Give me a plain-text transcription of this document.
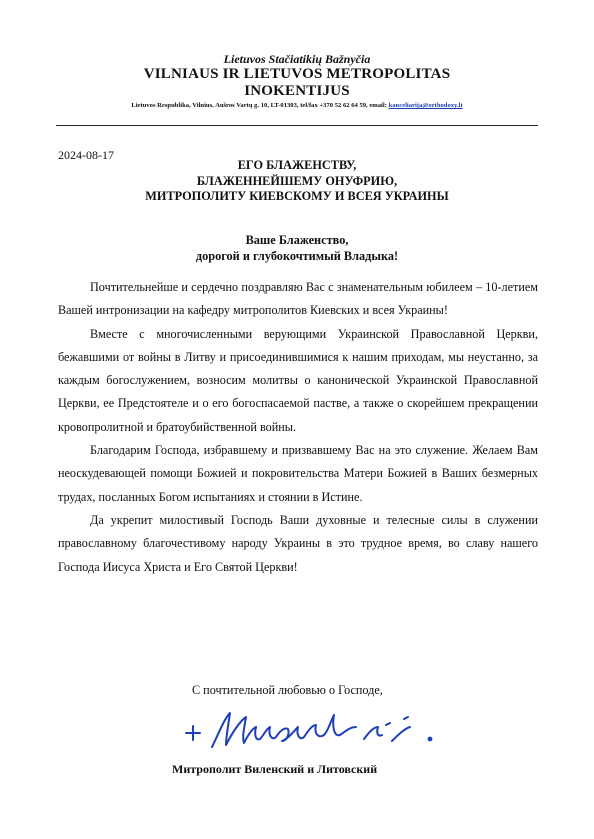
Lietuvos Stačiatikių Bažnyčia
VILNIAUS IR LIETUVOS METROPOLITAS
INOKENTIJUS
Lietuvos Respublika, Vilnius, Aušros Vartų g. 10, LT-01303, tel/fax +370 52 62 64 59, email: kanceliarija@orthodoxy.lt
2024-08-17
ЕГО БЛАЖЕНСТВУ,
БЛАЖЕННЕЙШЕМУ ОНУФРИЮ,
МИТРОПОЛИТУ КИЕВСКОМУ И ВСЕЯ УКРАИНЫ
Ваше Блаженство,
дорогой и глубокочтимый Владыка!

Почтительнейше и сердечно поздравляю Вас с знаменательным юбилеем – 10-летием Вашей интронизации на кафедру митрополитов Киевских и всея Украины!

Вместе с многочисленными верующими Украинской Православной Церкви, бежавшими от войны в Литву и присоединившимися к нашим приходам, мы неустанно, за каждым богослужением, возносим молитвы о канонической Украинской Православной Церкви, ее Предстоятеле и о его богоспасаемой пастве, а также о скорейшем прекращении кровопролитной и братоубийственной войны.

Благодарим Господа, избравшему и призвавшему Вас на это служение. Желаем Вам неоскудевающей помощи Божией и покровительства Матери Божией в Ваших безмерных трудах, посланных Богом испытаниях и стоянии в Истине.

Да укрепит милостивый Господь Ваши духовные и телесные силы в служении православному благочестивому народу Украины в это трудное время, во славу нашего Господа Иисуса Христа и Его Святой Церкви!

С почтительной любовью о Господе,
Митрополит Виленский и Литовский
